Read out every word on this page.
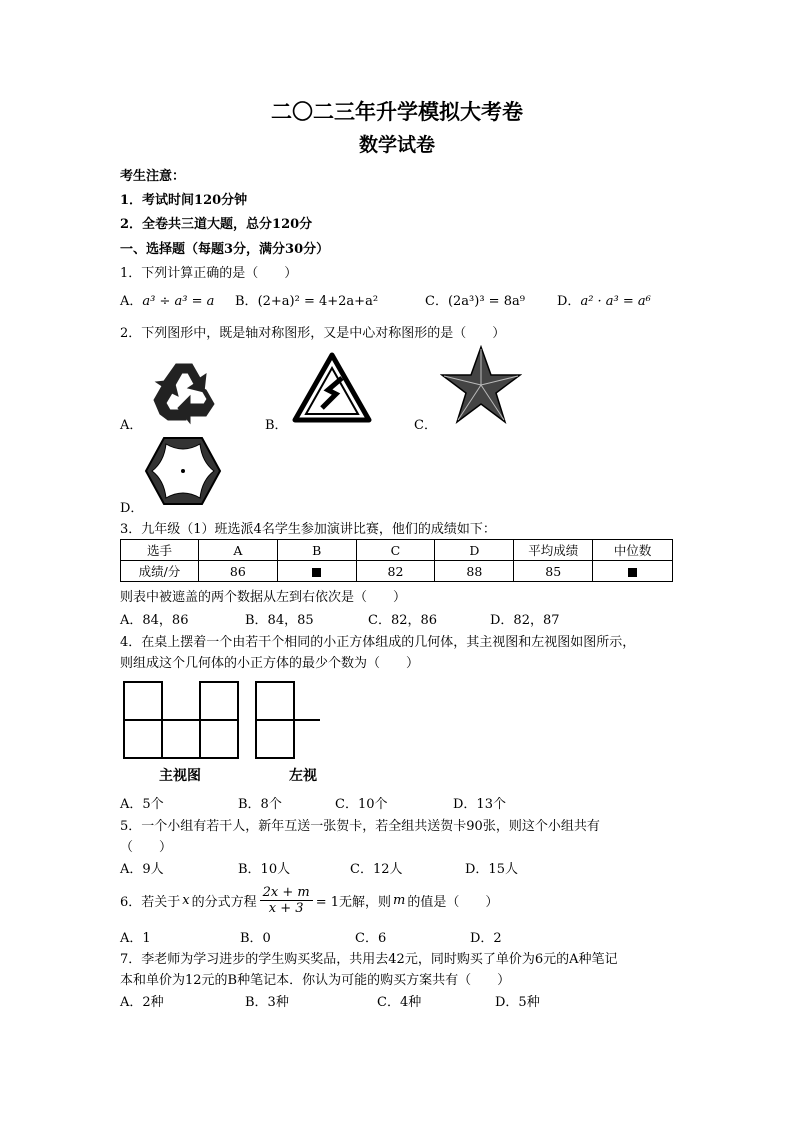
二〇二三年升学模拟大考卷
数学试卷
考生注意：
1．考试时间120分钟
2．全卷共三道大题，总分120分
一、选择题（每题3分，满分30分）
1．下列计算正确的是（　　）
A．a³ ÷ a³ = a B．(2+a)² = 4+2a+a²	C．(2a³)³ = 8a⁹ D．a² · a³ = a⁶
2．下列图形中，既是轴对称图形，又是中心对称图形的是（　　）
A．	B．	C．
D．
3．九年级（1）班选派4名学生参加演讲比赛，他们的成绩如下：
选手	A	B	C	D	平均成绩	中位数
成绩/分	86		82	88	85	
则表中被遮盖的两个数据从左到右依次是（　　）
A．84，86	B．84，85	C．82，86	D．82，87
4．在桌上摆着一个由若干个相同的小正方体组成的几何体，其主视图和左视图如图所示，
则组成这个几何体的小正方体的最少个数为（　　）
主视图	左视
A．5个	B．8个	C．10个	D．13个
5．一个小组有若干人，新年互送一张贺卡，若全组共送贺卡90张，则这个小组共有
（　　）
A．9人	B．10人	C．12人	D．15人
6．若关于 x 的分式方程 $\frac{2x + m}{x + 3} = 1$无解，则 m 的值是（　　）
A．1	B．0	C．6	D．2
7．李老师为学习进步的学生购买奖品，共用去42元，同时购买了单价为6元的A种笔记
本和单价为12元的B种笔记本．你认为可能的购买方案共有（　　）
A．2种	B．3种	C．4种	D．5种
